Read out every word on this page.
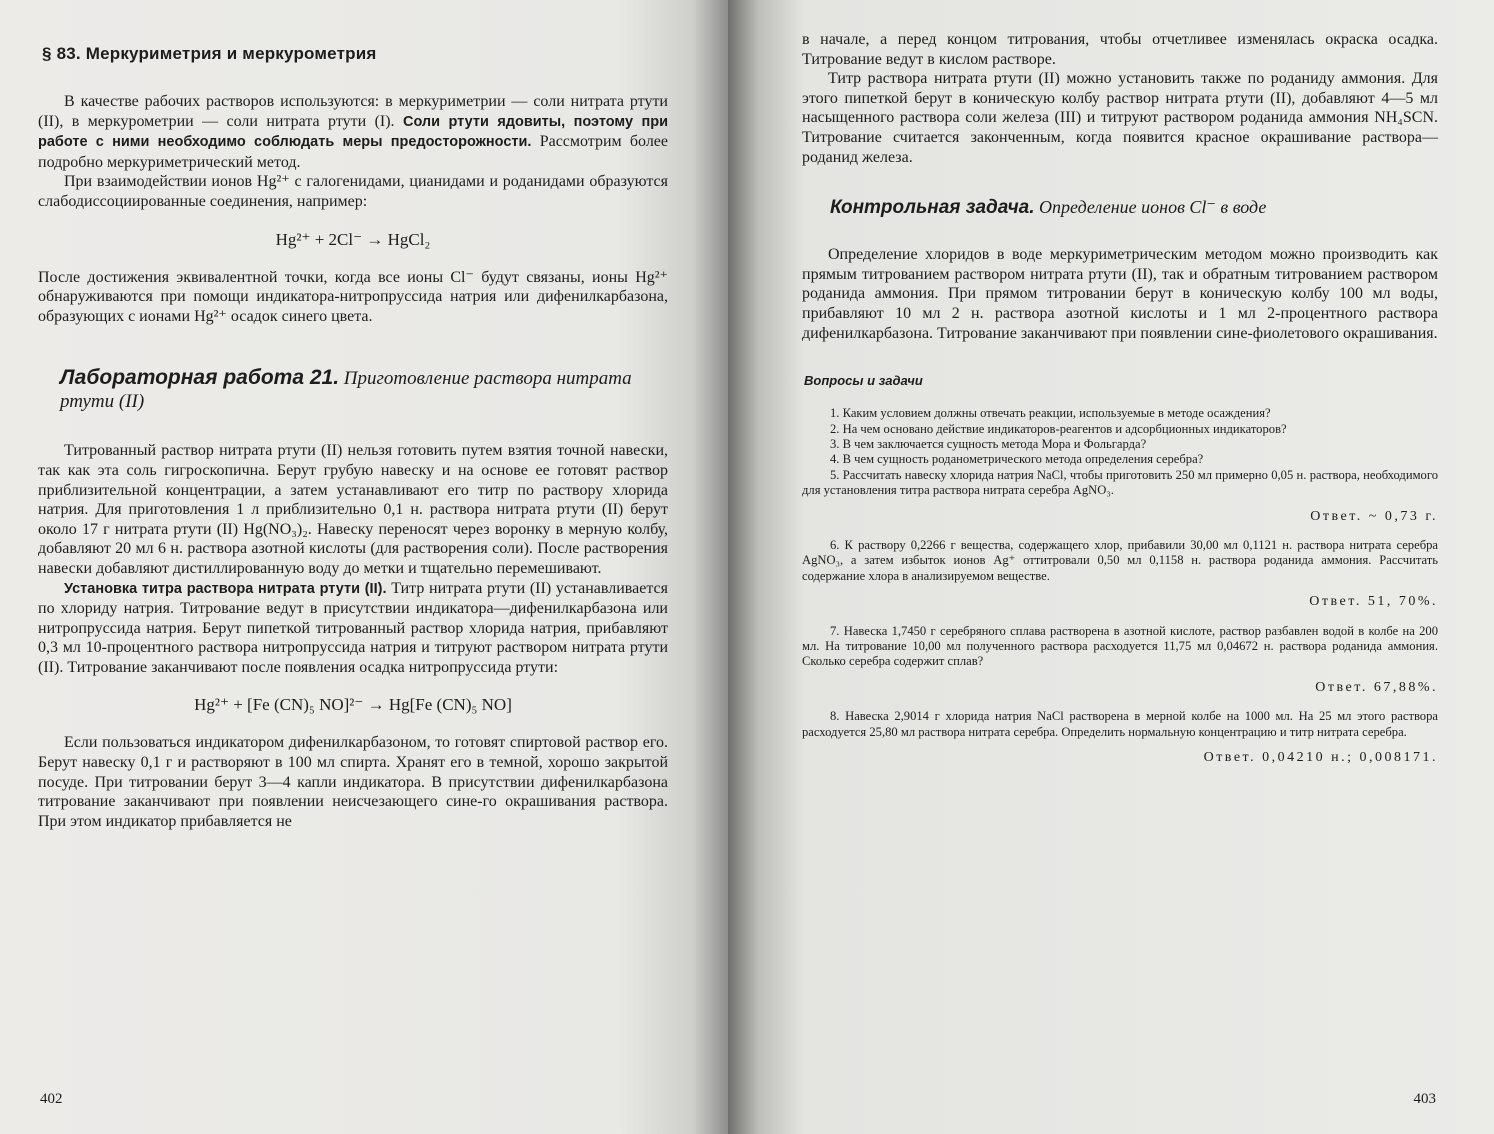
§ 83. Меркуриметрия и меркурометрия

В качестве рабочих растворов используются: в меркуриметрии — соли нитрата ртути (II), в меркурометрии — соли нитрата ртути (I). Соли ртути ядовиты, поэтому при работе с ними необходимо соблюдать меры предосторожности. Рассмотрим более подробно меркуриметрический метод.

При взаимодействии ионов Hg²⁺ с галогенидами, цианидами и роданидами образуются слабодиссоциированные соединения, например:

Hg²⁺ + 2Cl⁻ → HgCl₂

После достижения эквивалентной точки, когда все ионы Cl⁻ будут связаны, ионы Hg²⁺ обнаруживаются при помощи индикатора-нитропруссида натрия или дифенилкарбазона, образующих с ионами Hg²⁺ осадок синего цвета.

Лабораторная работа 21. Приготовление раствора нитрата ртути (II)

Титрованный раствор нитрата ртути (II) нельзя готовить путем взятия точной навески, так как эта соль гигроскопична. Берут грубую навеску и на основе ее готовят раствор приблизительной концентрации, а затем устанавливают его титр по раствору хлорида натрия. Для приготовления 1 л приблизительно 0,1 н. раствора нитрата ртути (II) берут около 17 г нитрата ртути (II) Hg(NO₃)₂. Навеску переносят через воронку в мерную колбу, добавляют 20 мл 6 н. раствора азотной кислоты (для растворения соли). После растворения навески добавляют дистиллированную воду до метки и тщательно перемешивают.

Установка титра раствора нитрата ртути (II). Титр нитрата ртути (II) устанавливается по хлориду натрия. Титрование ведут в присутствии индикатора—дифенилкарбазона или нитропруссида натрия. Берут пипеткой титрованный раствор хлорида натрия, прибавляют 0,3 мл 10-процентного раствора нитропруссида натрия и титруют раствором нитрата ртути (II). Титрование заканчивают после появления осадка нитропруссида ртути:

Hg²⁺ + [Fe (CN)₅ NO]²⁻ → Hg[Fe (CN)₅ NO]

Если пользоваться индикатором дифенилкарбазоном, то готовят спиртовой раствор его. Берут навеску 0,1 г и растворяют в 100 мл спирта. Хранят его в темной, хорошо закрытой посуде. При титровании берут 3—4 капли индикатора. В присутствии дифенилкарбазона титрование заканчивают при появлении неисчезающего сине-го окрашивания раствора. При этом индикатор прибавляется не

402

в начале, а перед концом титрования, чтобы отчетливее изменялась окраска осадка. Титрование ведут в кислом растворе.

Титр раствора нитрата ртути (II) можно установить также по роданиду аммония. Для этого пипеткой берут в коническую колбу раствор нитрата ртути (II), добавляют 4—5 мл насыщенного раствора соли железа (III) и титруют раствором роданида аммония NH₄SCN. Титрование считается законченным, когда появится красное окрашивание раствора—роданид железа.

Контрольная задача. Определение ионов Cl⁻ в воде

Определение хлоридов в воде меркуриметрическим методом можно производить как прямым титрованием раствором нитрата ртути (II), так и обратным титрованием раствором роданида аммония. При прямом титровании берут в коническую колбу 100 мл воды, прибавляют 10 мл 2 н. раствора азотной кислоты и 1 мл 2-процентного раствора дифенилкарбазона. Титрование заканчивают при появлении сине-фиолетового окрашивания.

Вопросы и задачи

1. Каким условием должны отвечать реакции, используемые в методе осаждения?

2. На чем основано действие индикаторов-реагентов и адсорбционных индикаторов?

3. В чем заключается сущность метода Мора и Фольгарда?

4. В чем сущность роданометрического метода определения серебра?

5. Рассчитать навеску хлорида натрия NaCl, чтобы приготовить 250 мл примерно 0,05 н. раствора, необходимого для установления титра раствора нитрата серебра AgNO₃.

Ответ. ~ 0,73 г.

6. К раствору 0,2266 г вещества, содержащего хлор, прибавили 30,00 мл 0,1121 н. раствора нитрата серебра AgNO₃, а затем избыток ионов Ag⁺ оттитровали 0,50 мл 0,1158 н. раствора роданида аммония. Рассчитать содержание хлора в анализируемом веществе.

Ответ. 51, 70%.

7. Навеска 1,7450 г серебряного сплава растворена в азотной кислоте, раствор разбавлен водой в колбе на 200 мл. На титрование 10,00 мл полученного раствора расходуется 11,75 мл 0,04672 н. раствора роданида аммония. Сколько серебра содержит сплав?

Ответ. 67,88%.

8. Навеска 2,9014 г хлорида натрия NaCl растворена в мерной колбе на 1000 мл. На 25 мл этого раствора расходуется 25,80 мл раствора нитрата серебра. Определить нормальную концентрацию и титр нитрата серебра.

Ответ. 0,04210 н.; 0,008171.
403
